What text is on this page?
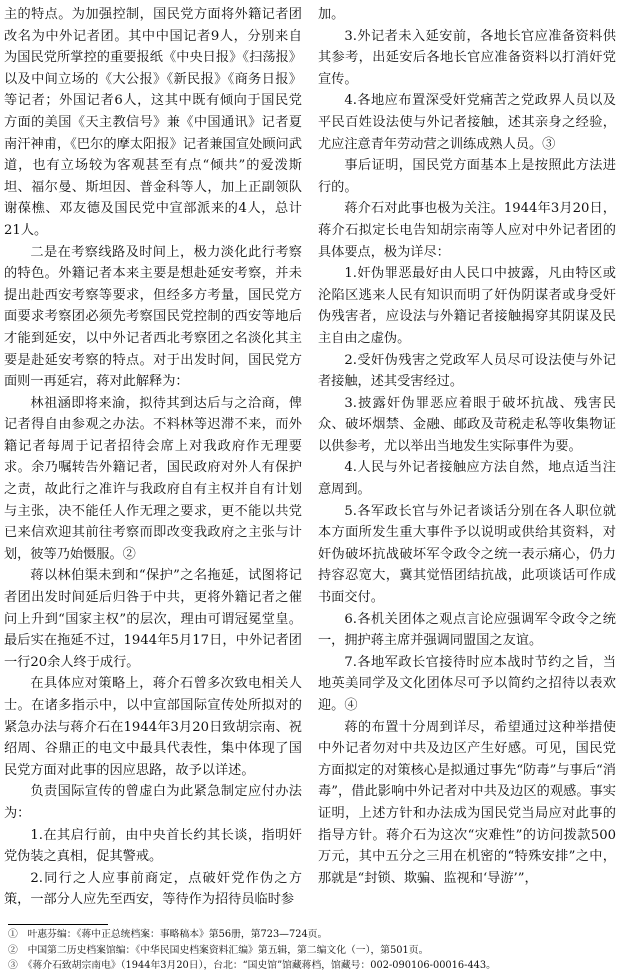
主的特点。为加强控制，国民党方面将外籍记者团改名为中外记者团。其中中国记者9人，分别来自为国民党所掌控的重要报纸《中央日报》《扫荡报》以及中间立场的《大公报》《新民报》《商务日报》等记者；外国记者6人，这其中既有倾向于国民党方面的美国《天主教信号》兼《中国通讯》记者夏南汗神甫，《巴尔的摩太阳报》记者兼国宣处顾问武道，也有立场较为客观甚至有点“倾共”的爱泼斯坦、福尔曼、斯坦因、普金科等人，加上正副领队谢葆樵、邓友德及国民党中宣部派来的4人，总计21人。

二是在考察线路及时间上，极力淡化此行考察的特色。外籍记者本来主要是想赴延安考察，并未提出赴西安考察等要求，但经多方考量，国民党方面要求考察团必须先考察国民党控制的西安等地后才能到延安，以中外记者西北考察团之名淡化其主要是赴延安考察的特点。对于出发时间，国民党方面则一再延宕，蒋对此解释为：

林祖涵即将来渝，拟待其到达后与之洽商，俾记者得自由参观之办法。不料林等迟滞不来，而外籍记者每周于记者招待会席上对我政府作无理要求。余乃嘱转告外籍记者，国民政府对外人有保护之责，故此行之准许与我政府自有主权并自有计划与主张，决不能任人作无理之要求，更不能以共党已来信欢迎其前往考察而即改变我政府之主张与计划，彼等乃始慑服。②

蒋以林伯渠未到和“保护”之名拖延，试图将记者团出发时间延后归咎于中共，更将外籍记者之催问上升到“国家主权”的层次，理由可谓冠冕堂皇。最后实在拖延不过，1944年5月17日，中外记者团一行20余人终于成行。

在具体应对策略上，蒋介石曾多次致电相关人士。在诸多指示中，以中宣部国际宣传处所拟对的紧急办法与蒋介石在1944年3月20日致胡宗南、祝绍周、谷鼎正的电文中最具代表性，集中体现了国民党方面对此事的因应思路，故予以详述。

负责国际宣传的曾虚白为此紧急制定应付办法为：

1.在其启行前，由中央首长约其长谈，指明奸党伪装之真相，促其警戒。

2.同行之人应事前商定，点破奸党作伪之方策，一部分人应先至西安，等待作为招待员临时参

加。

3.外记者未入延安前，各地长官应准备资料供其参考，出延安后各地长官应准备资料以打消奸党宣传。

4.各地应布置深受奸党痛苦之党政界人员以及平民百姓设法使与外记者接触，述其亲身之经验，尤应注意青年劳动营之训练成熟人员。③

事后证明，国民党方面基本上是按照此方法进行的。

蒋介石对此事也极为关注。1944年3月20日，蒋介石拟定长电告知胡宗南等人应对中外记者团的具体要点，极为详尽：

1.奸伪罪恶最好由人民口中披露，凡由特区或沦陷区逃来人民有知识而明了奸伪阴谋者或身受奸伪残害者，应设法与外籍记者接触揭穿其阴谋及民主自由之虚伪。

2.受奸伪残害之党政军人员尽可设法使与外记者接触，述其受害经过。

3.披露奸伪罪恶应着眼于破坏抗战、残害民众、破坏烟禁、金融、邮政及苛税走私等收集物证以供参考，尤以举出当地发生实际事件为要。

4.人民与外记者接触应方法自然，地点适当注意周到。

5.各军政长官与外记者谈话分别在各人职位就本方面所发生重大事件予以说明或供给其资料，对奸伪破坏抗战破坏军令政令之统一表示痛心，仍力持容忍宽大，冀其觉悟团结抗战，此项谈话可作成书面交付。

6.各机关团体之观点言论应强调军令政令之统一，拥护蒋主席并强调同盟国之友谊。

7.各地军政长官接待时应本战时节约之旨，当地英美同学及文化团体尽可予以简约之招待以表欢迎。④

蒋的布置十分周到详尽，希望通过这种举措使中外记者勿对中共及边区产生好感。可见，国民党方面拟定的对策核心是拟通过事先“防毒”与事后“消毒”，借此影响中外记者对中共及边区的观感。事实证明，上述方针和办法成为国民党当局应对此事的指导方针。蒋介石为这次“灾难性”的访问拨款500万元，其中五分之三用在机密的“特殊安排”之中，那就是“封锁、欺骗、监视和‘导游’”，

①　叶惠芬编：《蒋中正总统档案：事略稿本》第56册，第723—724页。
②　中国第二历史档案馆编：《中华民国史档案资料汇编》第五辑，第二编文化（一），第501页。
③　《蒋介石致胡宗南电》（1944年3月20日），台北：“国史馆”馆藏蒋档，馆藏号：002-090106-00016-443。
